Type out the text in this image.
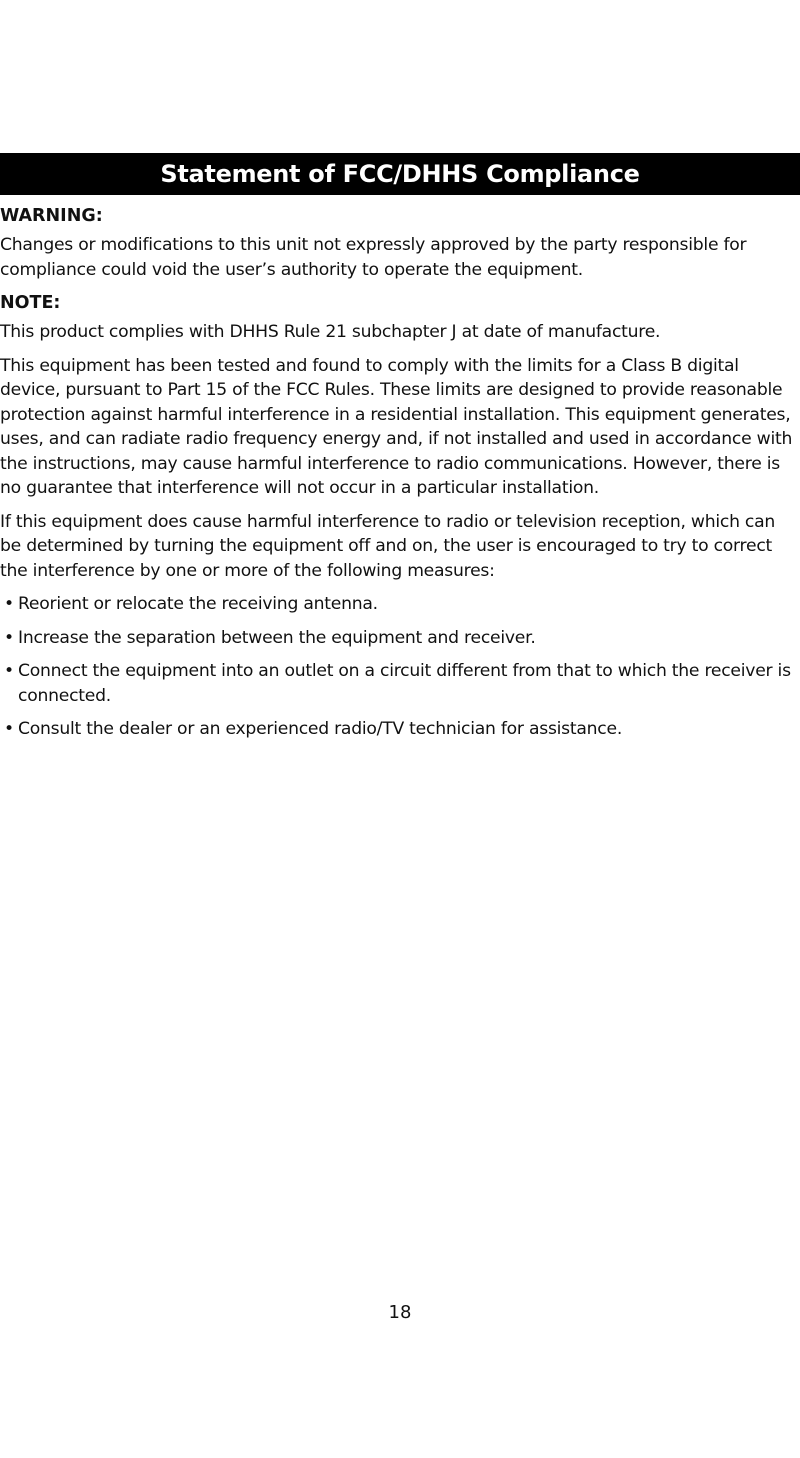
Statement of FCC/DHHS Compliance
WARNING:
Changes or modifications to this unit not expressly approved by the party responsible for compliance could void the user’s authority to operate the equipment.
NOTE:
This product complies with DHHS Rule 21 subchapter J at date of manufacture.
This equipment has been tested and found to comply with the limits for a Class B digital device, pursuant to Part 15 of the FCC Rules. These limits are designed to provide reasonable protection against harmful interference in a residential installation. This equipment generates, uses, and can radiate radio frequency energy and, if not installed and used in accordance with the instructions, may cause harmful interference to radio communications. However, there is no guarantee that interference will not occur in a particular installation.
If this equipment does cause harmful interference to radio or television reception, which can be determined by turning the equipment off and on, the user is encouraged to try to correct the interference by one or more of the following measures:
• Reorient or relocate the receiving antenna.
• Increase the separation between the equipment and receiver.
• Connect the equipment into an outlet on a circuit different from that to which the receiver is connected.
• Consult the dealer or an experienced radio/TV technician for assistance.
18
